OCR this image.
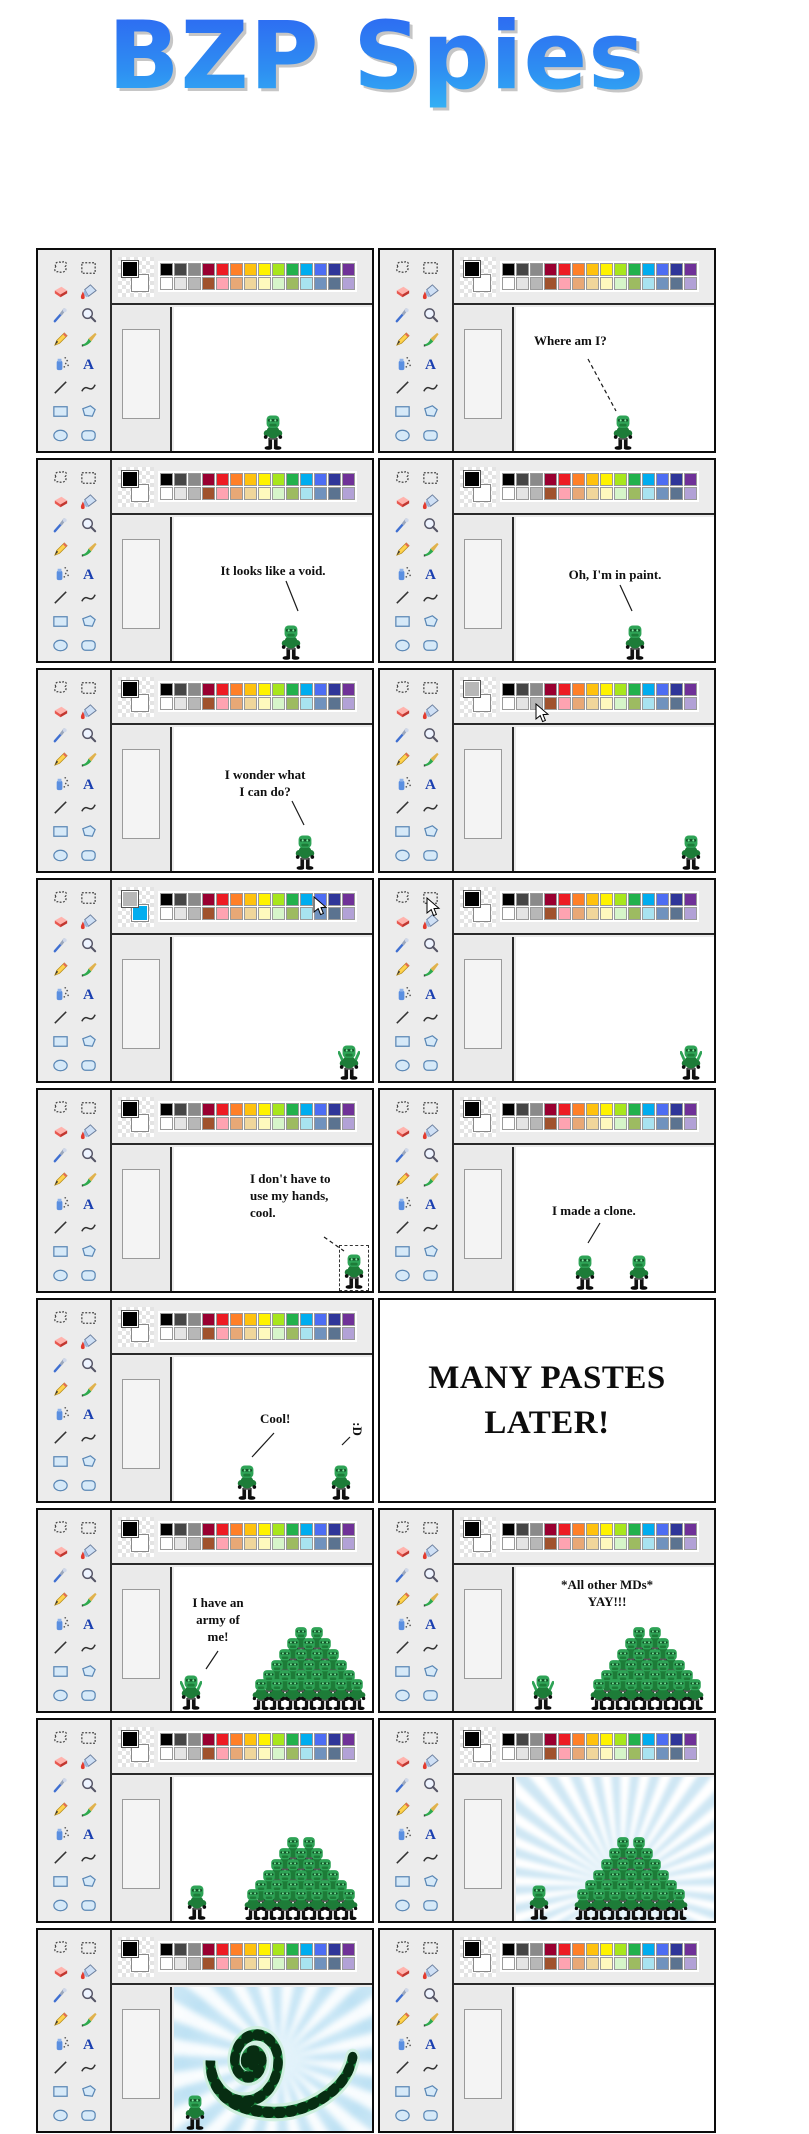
BZP Spies
Where am I?
It looks like a void.	Oh, I'm in paint.
I wonder what
I can do?
I don't have to
use my hands,
cool.	I made a clone.
Cool!
:D
MANY PASTES
LATER!
I have an
army of
me!
*All other MDs*
YAY!!!
